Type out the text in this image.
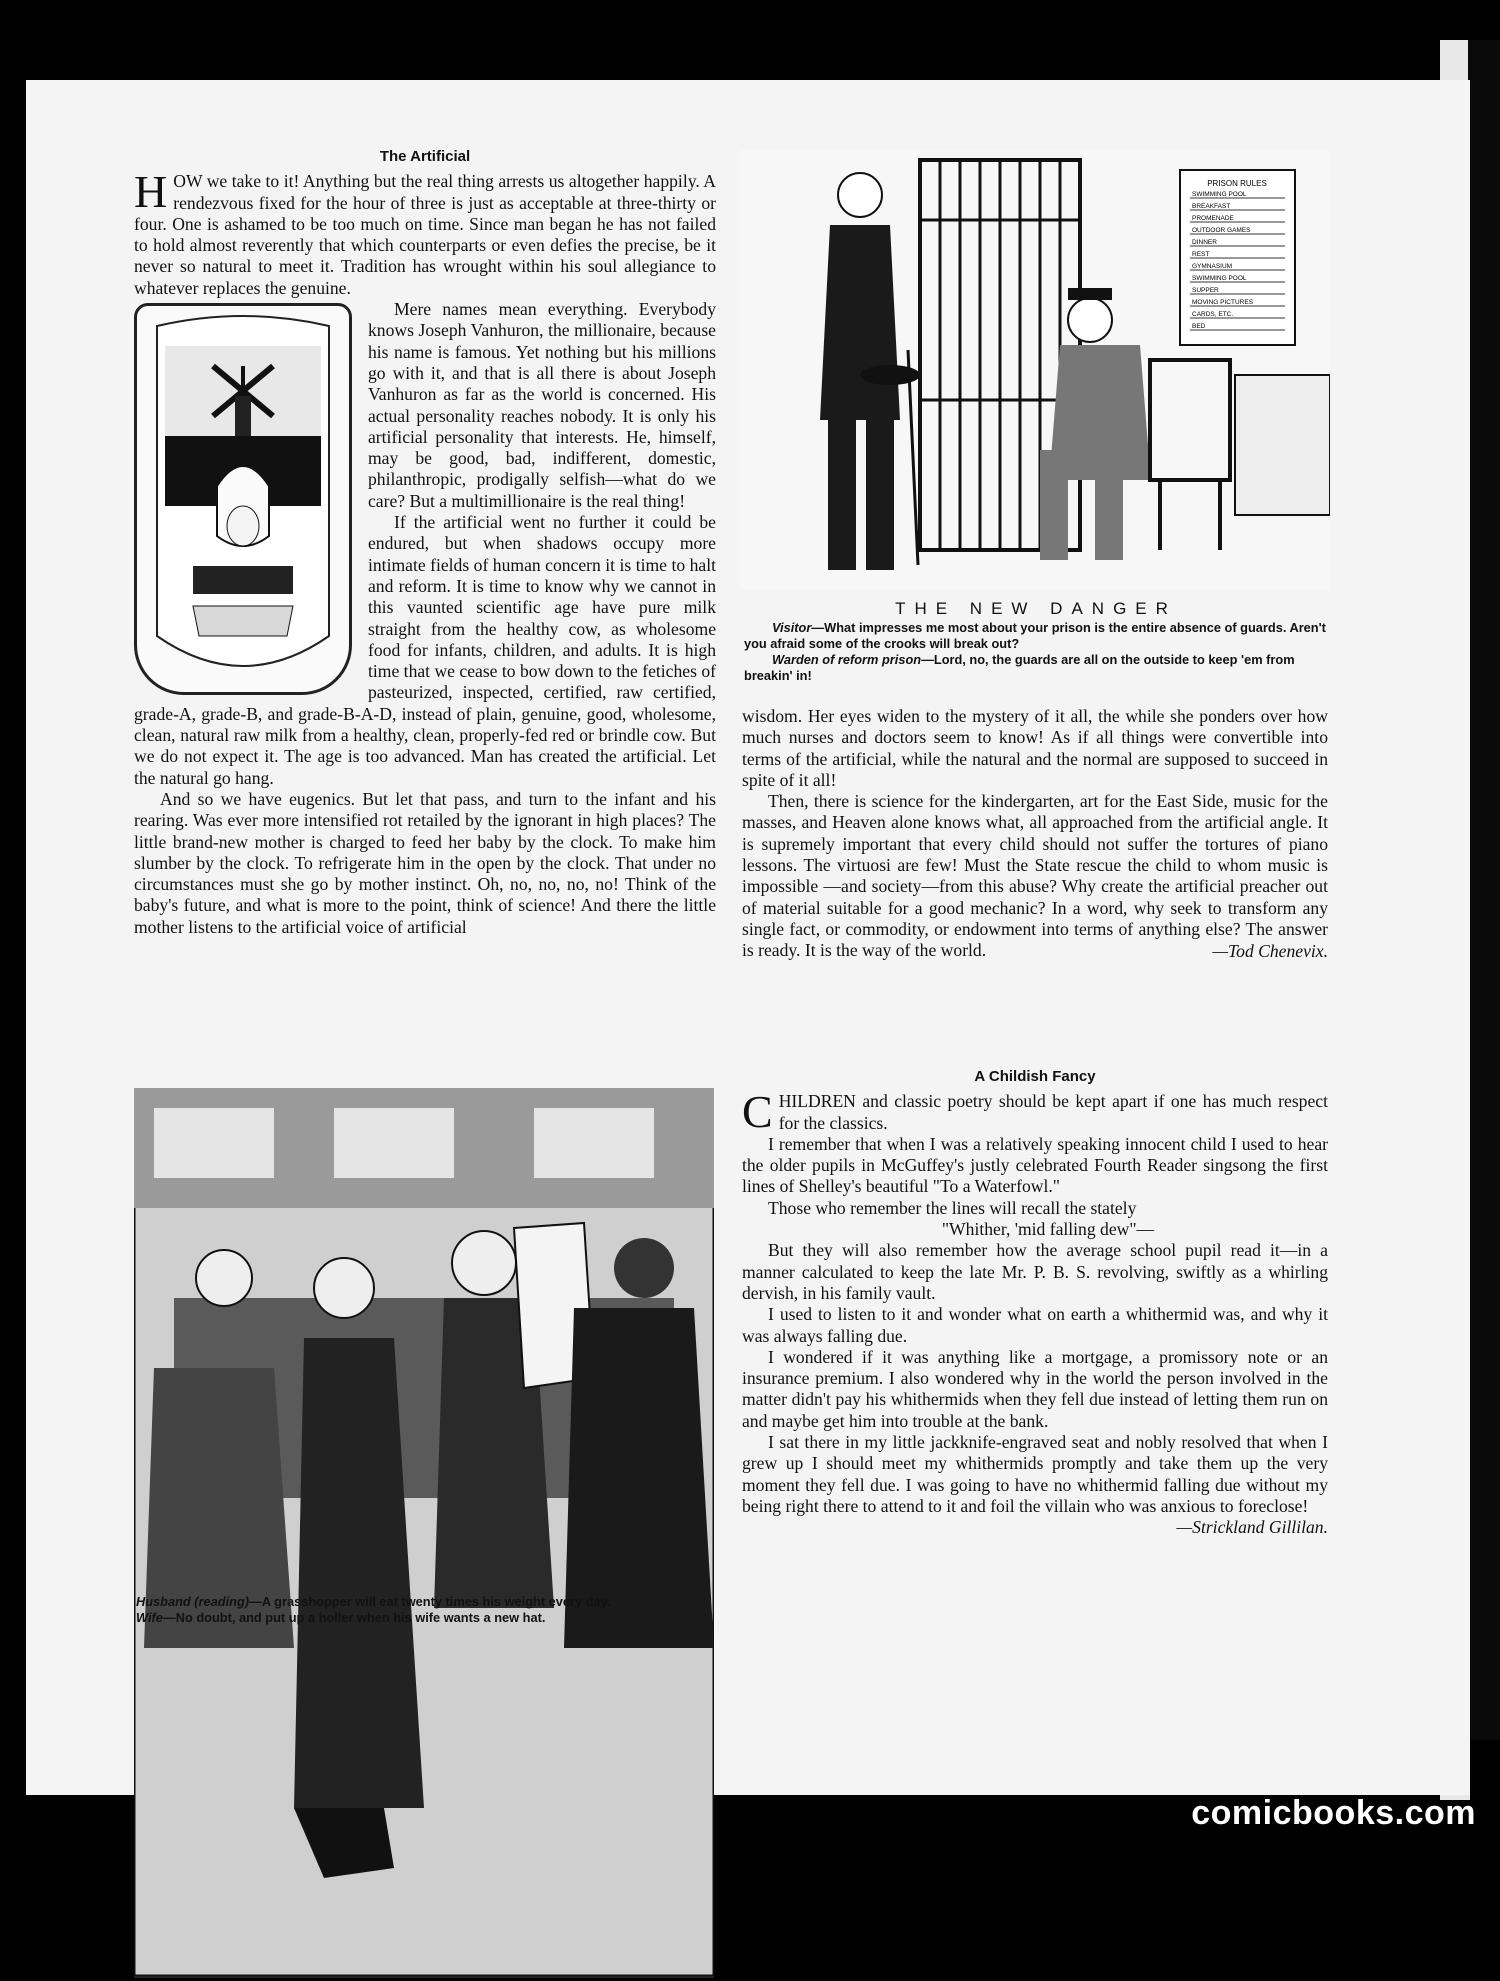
The Artificial

HOW we take to it! Anything but the real thing arrests us altogether happily. A rendezvous fixed for the hour of three is just as acceptable at three-thirty or four. One is ashamed to be too much on time. Since man began he has not failed to hold almost reverently that which counterparts or even defies the precise, be it never so natural to meet it. Tradition has wrought within his soul allegiance to whatever replaces the genuine.

Mere names mean everything. Everybody knows Joseph Vanhuron, the millionaire, because his name is famous. Yet nothing but his millions go with it, and that is all there is about Joseph Vanhuron as far as the world is concerned. His actual personality reaches nobody. It is only his artificial personality that interests. He, himself, may be good, bad, indifferent, domestic, philanthropic, prodigally selfish—what do we care? But a multimillionaire is the real thing!

If the artificial went no further it could be endured, but when shadows occupy more intimate fields of human concern it is time to halt and reform. It is time to know why we cannot in this vaunted scientific age have pure milk straight from the healthy cow, as wholesome food for infants, children, and adults. It is high time that we cease to bow down to the fetiches of pasteurized, inspected, certified, raw certified, grade-A, grade-B, and grade-B-A-D, instead of plain, genuine, good, wholesome, clean, natural raw milk from a healthy, clean, properly-fed red or brindle cow. But we do not expect it. The age is too advanced. Man has created the artificial. Let the natural go hang.

And so we have eugenics. But let that pass, and turn to the infant and his rearing. Was ever more intensified rot retailed by the ignorant in high places? The little brand-new mother is charged to feed her baby by the clock. To make him slumber by the clock. To refrigerate him in the open by the clock. That under no circumstances must she go by mother instinct. Oh, no, no, no, no! Think of the baby's future, and what is more to the point, think of science! And there the little mother listens to the artificial voice of artificial

PRISON RULES
SWIMMING POOL
BREAKFAST
PROMENADE
OUTDOOR GAMES
DINNER
REST
GYMNASIUM
SWIMMING POOL
SUPPER
MOVING PICTURES
CARDS, ETC.
BED
THE NEW DANGER
Visitor—What impresses me most about your prison is the entire absence of guards. Aren't you afraid some of the crooks will break out?
Warden of reform prison—Lord, no, the guards are all on the outside to keep 'em from breakin' in!

wisdom. Her eyes widen to the mystery of it all, the while she ponders over how much nurses and doctors seem to know! As if all things were convertible into terms of the artificial, while the natural and the normal are supposed to succeed in spite of it all!

Then, there is science for the kindergarten, art for the East Side, music for the masses, and Heaven alone knows what, all approached from the artificial angle. It is supremely important that every child should not suffer the tortures of piano lessons. The virtuosi are few! Must the State rescue the child to whom music is impossible —and society—from this abuse? Why create the artificial preacher out of material suitable for a good mechanic? In a word, why seek to transform any single fact, or commodity, or endowment into terms of anything else? The answer is ready. It is the way of the world.	—Tod Chenevix.

Husband (reading)—A grasshopper will eat twenty times his weight every day.
Wife—No doubt, and put up a holler when his wife wants a new hat.
A Childish Fancy

CHILDREN and classic poetry should be kept apart if one has much respect for the classics.

I remember that when I was a relatively speaking innocent child I used to hear the older pupils in McGuffey's justly celebrated Fourth Reader singsong the first lines of Shelley's beautiful "To a Waterfowl."

Those who remember the lines will recall the stately

"Whither, 'mid falling dew"—

But they will also remember how the average school pupil read it—in a manner calculated to keep the late Mr. P. B. S. revolving, swiftly as a whirling dervish, in his family vault.

I used to listen to it and wonder what on earth a whithermid was, and why it was always falling due.

I wondered if it was anything like a mortgage, a promissory note or an insurance premium. I also wondered why in the world the person involved in the matter didn't pay his whithermids when they fell due instead of letting them run on and maybe get him into trouble at the bank.

I sat there in my little jackknife-engraved seat and nobly resolved that when I grew up I should meet my whithermids promptly and take them up the very moment they fell due. I was going to have no whithermid falling due without my being right there to attend to it and foil the villain who was anxious to foreclose!

—Strickland Gillilan.

comicbooks.com
